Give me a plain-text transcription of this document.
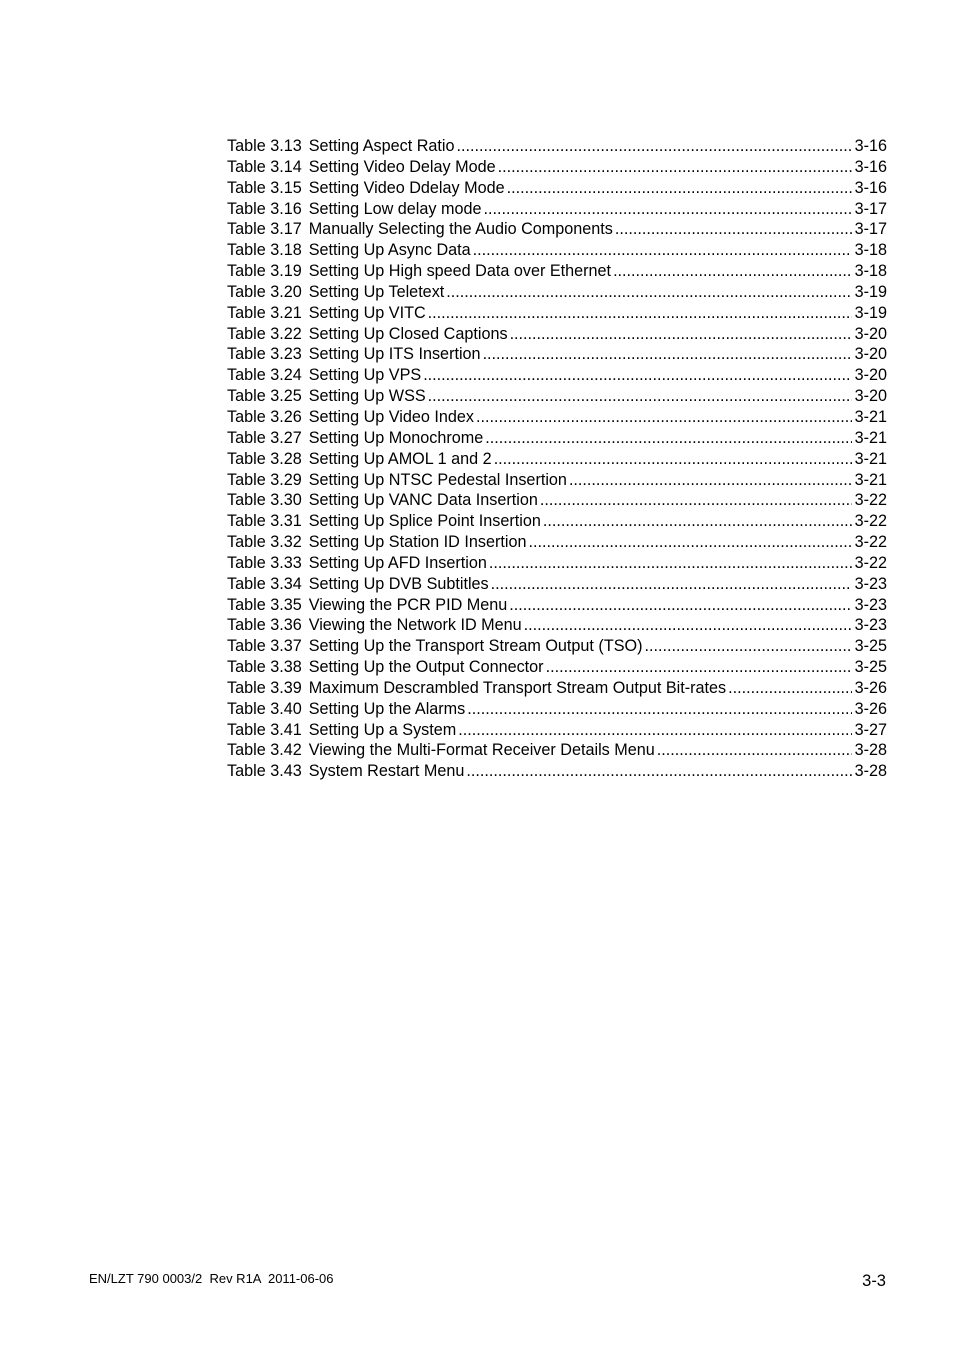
Table 3.13 Setting Aspect Ratio .....	3-16
Table 3.14 Setting Video Delay Mode .....	3-16
Table 3.15 Setting Video Ddelay Mode .....	3-16
Table 3.16 Setting Low delay mode .....	3-17
Table 3.17 Manually Selecting the Audio Components .....	3-17
Table 3.18 Setting Up Async Data .....	3-18
Table 3.19 Setting Up High speed Data over Ethernet .....	3-18
Table 3.20 Setting Up Teletext .....	3-19
Table 3.21 Setting Up VITC .....	3-19
Table 3.22 Setting Up Closed Captions .....	3-20
Table 3.23 Setting Up ITS Insertion .....	3-20
Table 3.24 Setting Up VPS .....	3-20
Table 3.25 Setting Up WSS .....	3-20
Table 3.26 Setting Up Video Index .....	3-21
Table 3.27 Setting Up Monochrome .....	3-21
Table 3.28 Setting Up AMOL 1 and 2 .....	3-21
Table 3.29 Setting Up NTSC Pedestal Insertion .....	3-21
Table 3.30 Setting Up VANC Data Insertion .....	3-22
Table 3.31 Setting Up Splice Point Insertion .....	3-22
Table 3.32 Setting Up Station ID Insertion .....	3-22
Table 3.33 Setting Up AFD Insertion .....	3-22
Table 3.34 Setting Up DVB Subtitles .....	3-23
Table 3.35 Viewing the PCR PID Menu .....	3-23
Table 3.36 Viewing the Network ID Menu .....	3-23
Table 3.37 Setting Up the Transport Stream Output (TSO) .....	3-25
Table 3.38 Setting Up the Output Connector .....	3-25
Table 3.39 Maximum Descrambled Transport Stream Output Bit-rates .....	3-26
Table 3.40 Setting Up the Alarms .....	3-26
Table 3.41 Setting Up a System .....	3-27
Table 3.42 Viewing the Multi-Format Receiver Details Menu .....	3-28
Table 3.43 System Restart Menu .....	3-28
EN/LZT 790 0003/2  Rev R1A  2011-06-06	3-3
